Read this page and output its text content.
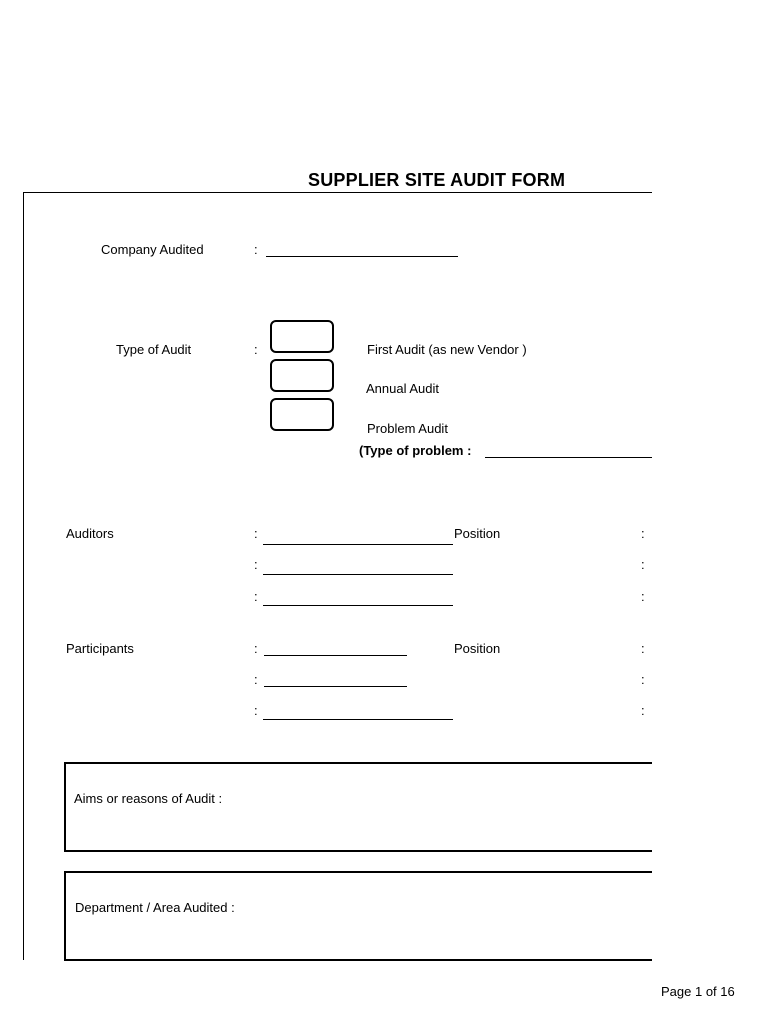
SUPPLIER SITE AUDIT FORM
Company Audited	:
Type of Audit	:	First Audit (as new Vendor )
Annual Audit
Problem Audit
(Type of problem :
Auditors	:	Position	:
:	:
:	:
Participants	:	Position	:
:	:
:	:
Aims or reasons of Audit :
Department / Area Audited :
Page 1 of 16
